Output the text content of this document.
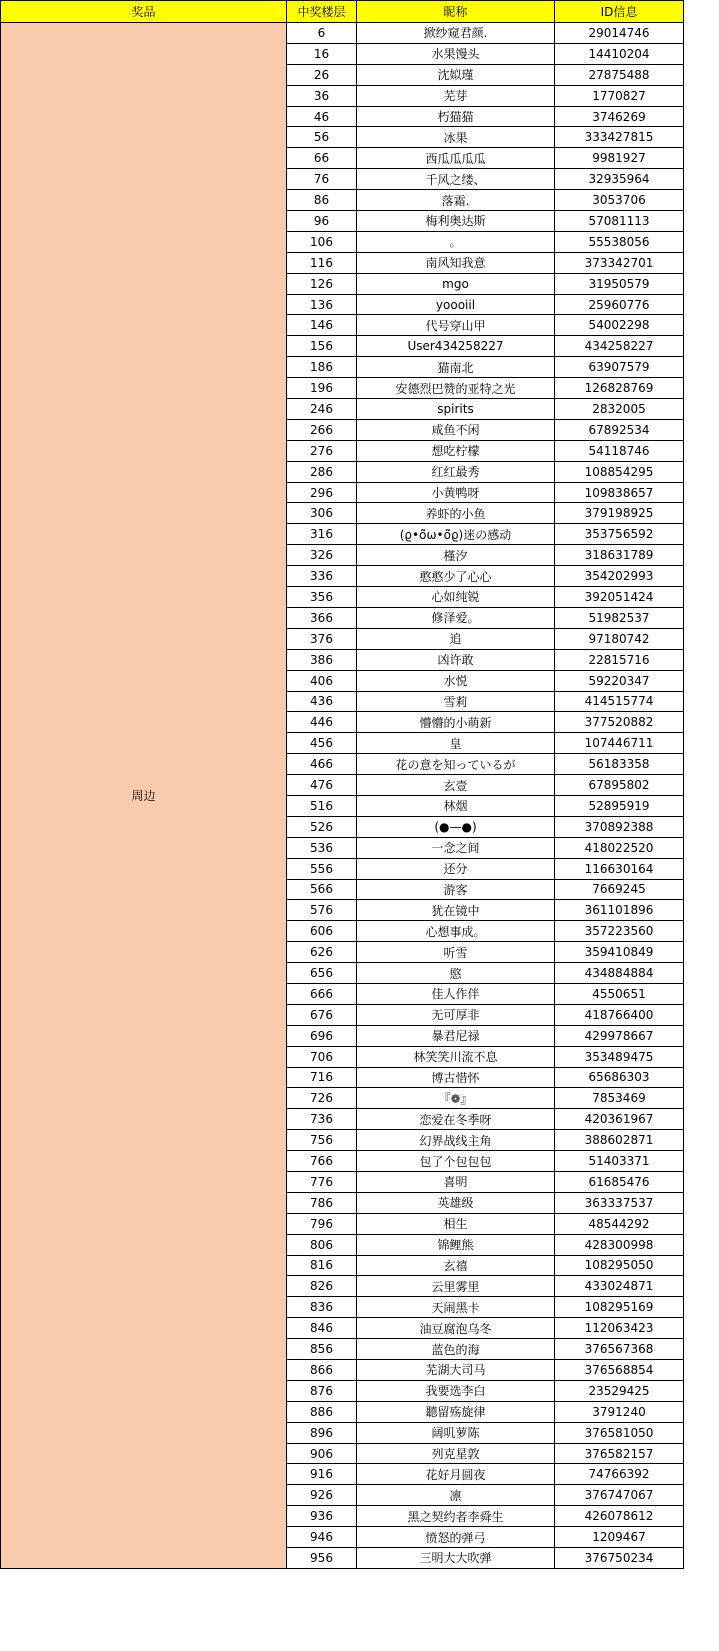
奖品	中奖楼层	昵称	ID信息
周边	6	掀纱窥君颜.	29014746
	16	水果馒头	14410204
	26	沈姒瑾	27875488
	36	芜芽	1770827
	46	朽猫猫	3746269
	56	冰果	333427815
	66	西瓜瓜瓜瓜	9981927
	76	千风之缕、	32935964
	86	落霜.	3053706
	96	梅利奥达斯	57081113
	106	。	55538056
	116	南风知我意	373342701
	126	mgo	31950579
	136	yoooiil	25960776
	146	代号穿山甲	54002298
	156	User434258227	434258227
	186	猫南北	63907579
	196	安德烈巴赞的亚特之光	126828769
	246	spirits	2832005
	266	咸鱼不闲	67892534
	276	想吃柠檬	54118746
	286	红红最秀	108854295
	296	小黄鸭呀	109838657
	306	养虾的小鱼	379198925
	316	(ϱ•ö̃ω•ö̃ϱ)迷の感动	353756592
	326	槿汐	318631789
	336	憨憨少了心心	354202993
	356	心如纯锐	392051424
	366	修泽爱。	51982537
	376	追	97180742
	386	凶许敢	22815716
	406	水悦	59220347
	436	雪莉	414515774
	446	懵懵的小萌新	377520882
	456	皇	107446711
	466	花の意を知っているが	56183358
	476	玄壹	67895802
	516	林烟	52895919
	526	(●—●)	370892388
	536	一念之间	418022520
	556	还分	116630164
	566	游客	7669245
	576	犹在镜中	361101896
	606	心想事成。	357223560
	626	听雪	359410849
	656	愍	434884884
	666	佳人作伴	4550651
	676	无可厚非	418766400
	696	暴君尼禄	429978667
	706	林笑笑川流不息	353489475
	716	博古惜怀	65686303
	726	『❁』	7853469
	736	恋爱在冬季呀	420361967
	756	幻界战线主角	388602871
	766	包了个包包包	51403371
	776	喜明	61685476
	786	英雄级	363337537
	796	相生	48544292
	806	锦鲤熊	428300998
	816	玄禧	108295050
	826	云里雾里	433024871
	836	天闹黑卡	108295169
	846	油豆腐泡乌冬	112063423
	856	蓝色的海	376567368
	866	芜湖大司马	376568854
	876	我要选李白	23529425
	886	聽留殇旋律	3791240
	896	阔叽萝陈	376581050
	906	列克星敦	376582157
	916	花好月圆夜	74766392
	926	凛	376747067
	936	黑之契约者李舜生	426078612
	946	愤怒的弹弓	1209467
	956	三明大大吹弹	376750234
